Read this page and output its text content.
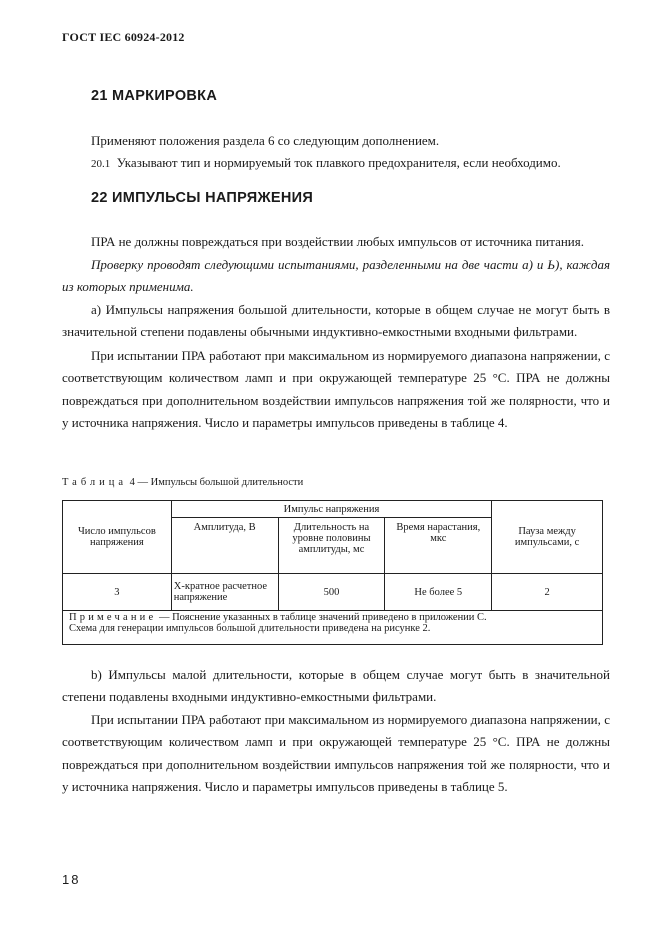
ГОСТ IEC 60924-2012
21 МАРКИРОВКА
Применяют положения раздела 6 со следующим дополнением.
20.1 Указывают тип и нормируемый ток плавкого предохранителя, если необходимо.
22 ИМПУЛЬСЫ НАПРЯЖЕНИЯ
ПРА не должны повреждаться при воздействии любых импульсов от источника питания.
Проверку проводят следующими испытаниями, разделенными на две части а) и Ь), каждая из которых применима.
а) Импульсы напряжения большой длительности, которые в общем случае не могут быть в значительной степени подавлены обычными индуктивно-емкостными входными фильтрами.
При испытании ПРА работают при максимальном из нормируемого диапазона напряжении, с соответствующим количеством ламп и при окружающей температуре 25 °С. ПРА не должны повреждаться при дополнительном воздействии импульсов напряжения той же полярности, что и у источника напряжения. Число и параметры импульсов приведены в таблице 4.
Таблица 4 — Импульсы большой длительности
Число импульсов напряжения	Импульс напряжения			Пауза между импульсами, с
	Амплитуда, В	Длительность на уровне половины амплитуды, мс	Время нарастания, мкс	
3	Х-кратное расчетное напряжение	500	Не более 5	2
Примечание — Пояснение указанных в таблице значений приведено в приложении С.
Схема для генерации импульсов большой длительности приведена на рисунке 2.				
b) Импульсы малой длительности, которые в общем случае могут быть в значительной степени подавлены входными индуктивно-емкостными фильтрами.
При испытании ПРА работают при максимальном из нормируемого диапазона напряжении, с соответствующим количеством ламп и при окружающей температуре 25 °С. ПРА не должны повреждаться при дополнительном воздействии импульсов напряжения той же полярности, что и у источника напряжения. Число и параметры импульсов приведены в таблице 5.
18
